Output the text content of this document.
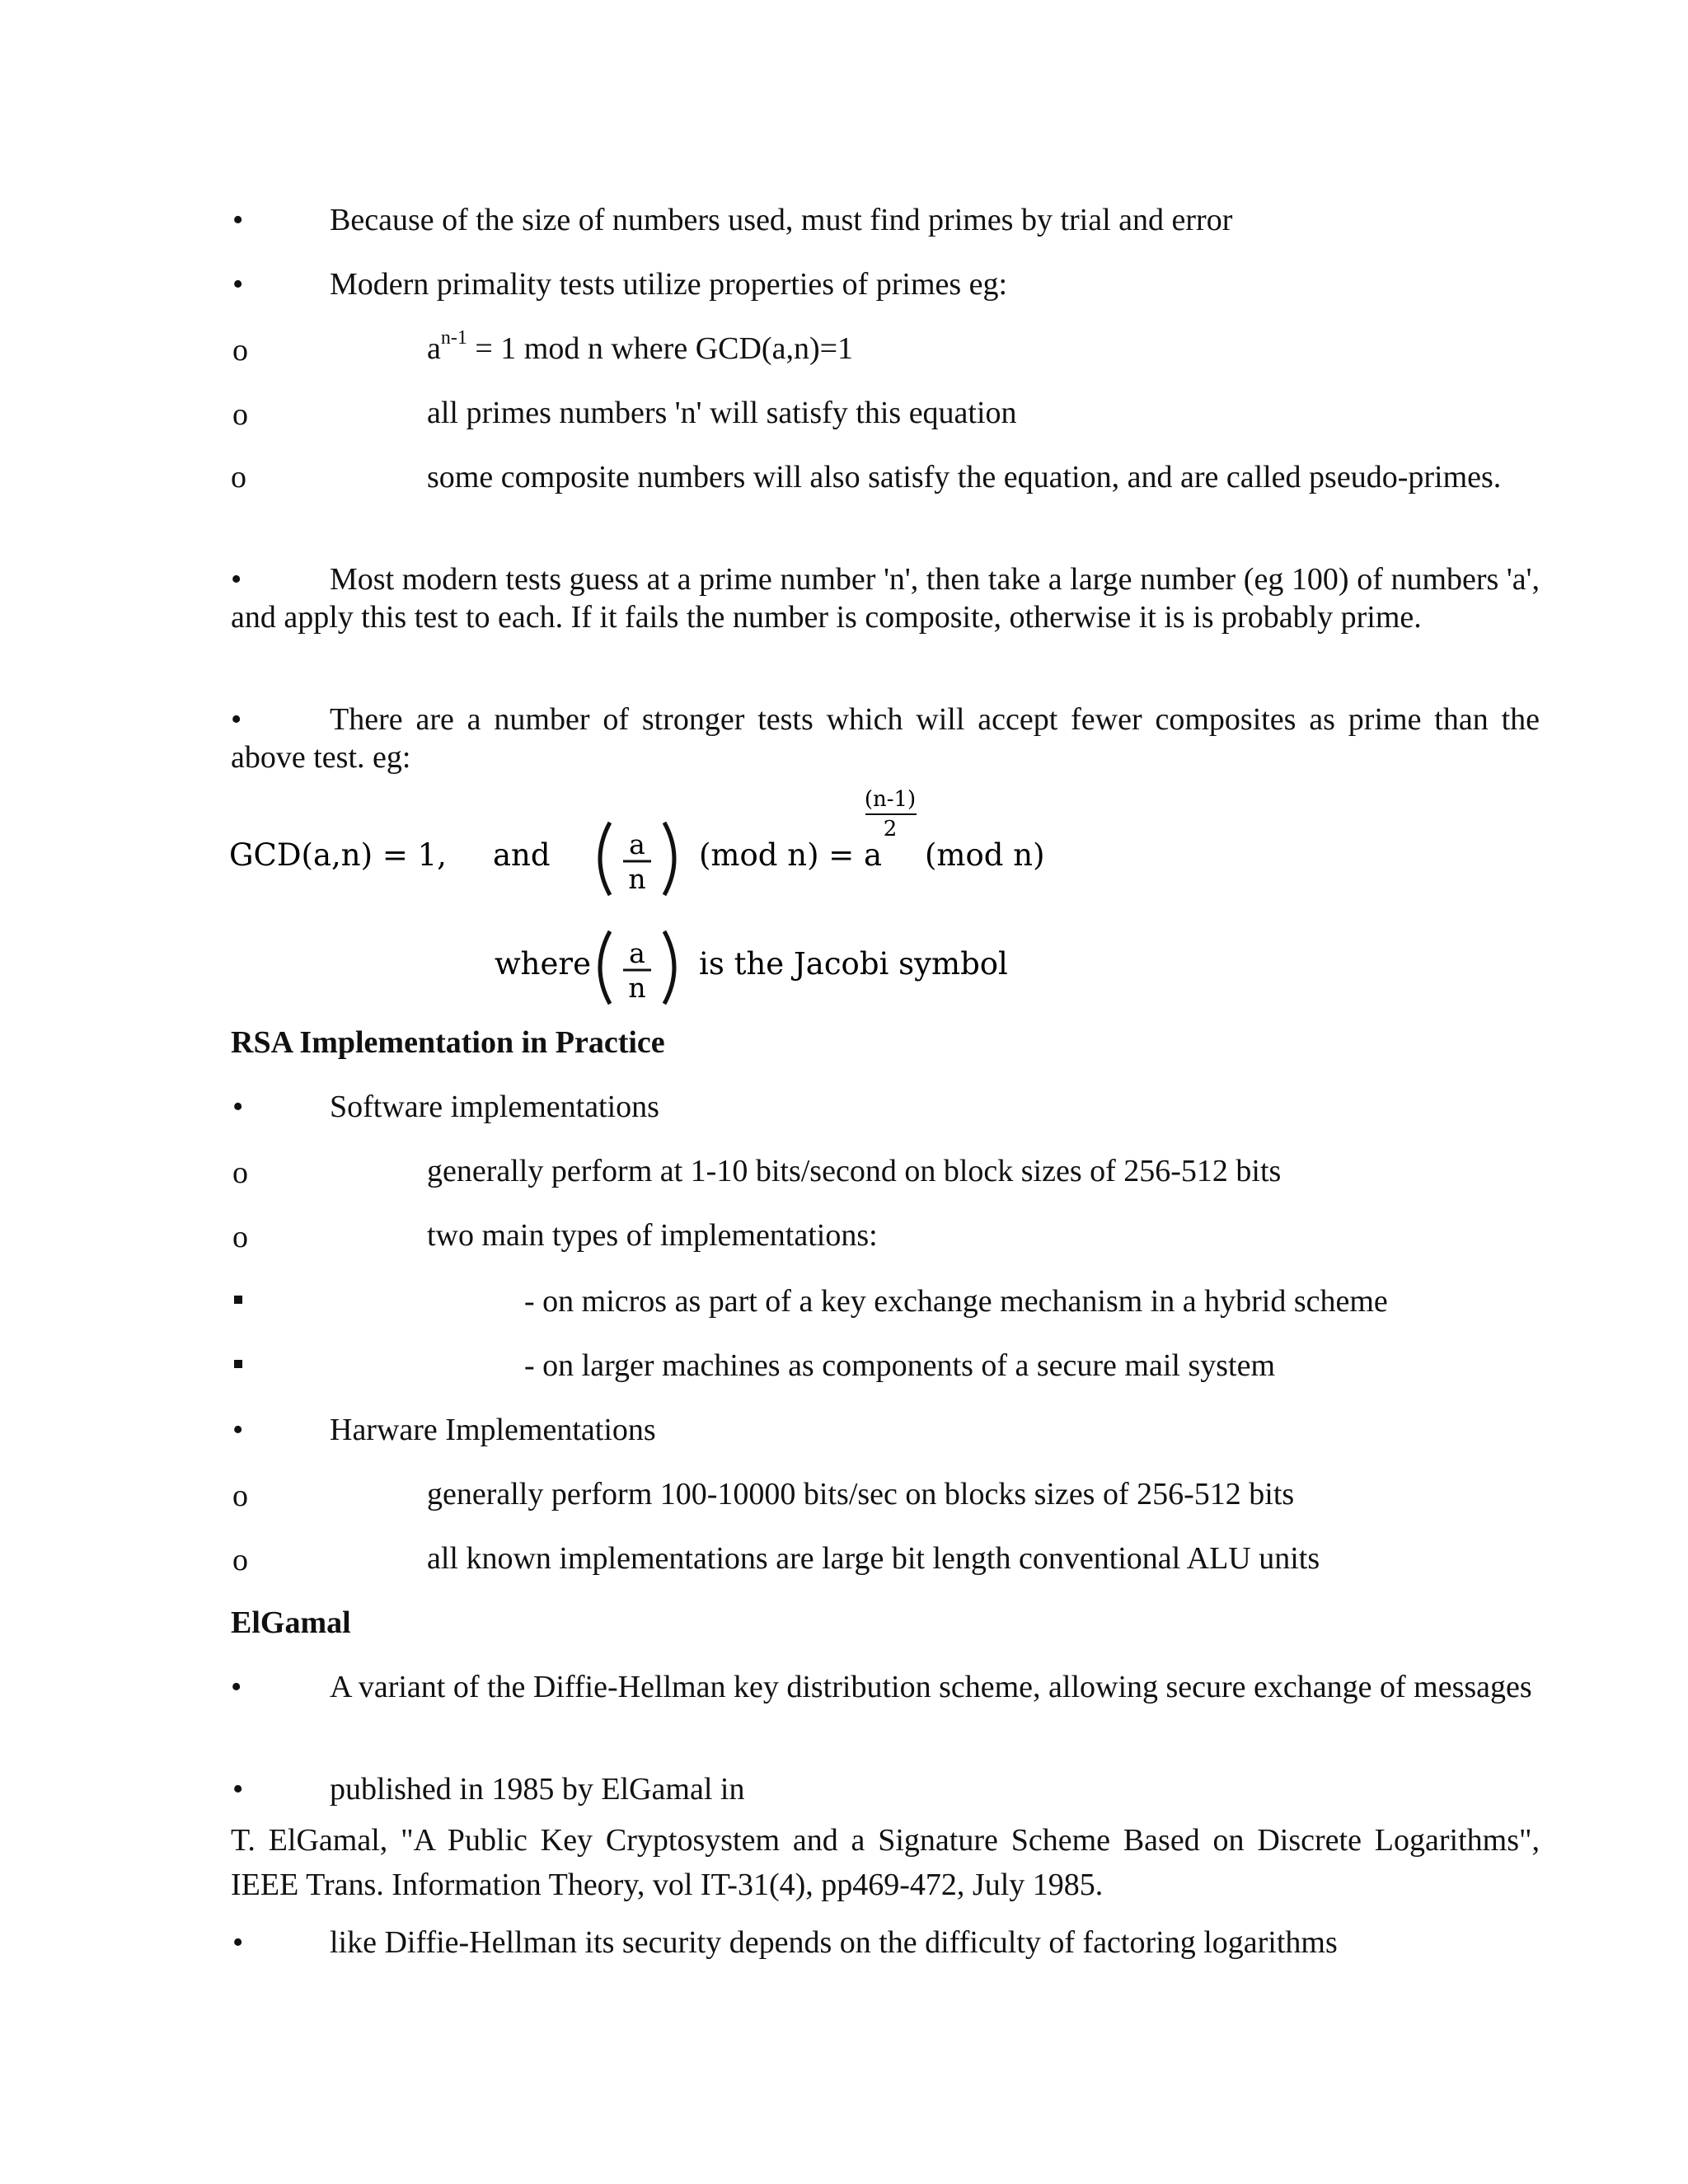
•	Because of the size of numbers used, must find primes by trial and error
•	Modern primality tests utilize properties of primes eg:
o	$a^{n-1} = 1$ mod n where GCD(a,n)=1
o	all primes numbers 'n' will satisfy this equation
o	some composite numbers will also satisfy the equation, and are called pseudo-primes.
•	Most modern tests guess at a prime number 'n', then take a large number (eg 100) of numbers 'a', and apply this test to each. If it fails the number is composite, otherwise it is is probably prime.
•	There are a number of stronger tests which will accept fewer composites as prime than the above test. eg:
GCD(a,n) = 1, and	a
n
(mod n) = a
(n-1)
2
(mod n)
where a
n
is the Jacobi symbol
RSA Implementation in Practice
•	Software implementations
o	generally perform at 1-10 bits/second on block sizes of 256-512 bits
o	two main types of implementations:
- on micros as part of a key exchange mechanism in a hybrid scheme
- on larger machines as components of a secure mail system
•	Harware Implementations
o	generally perform 100-10000 bits/sec on blocks sizes of 256-512 bits
o	all known implementations are large bit length conventional ALU units
ElGamal
•	A variant of the Diffie-Hellman key distribution scheme, allowing secure exchange of messages
•	published in 1985 by ElGamal in
T. ElGamal, "A Public Key Cryptosystem and a Signature Scheme Based on Discrete Logarithms", IEEE Trans. Information Theory, vol IT-31(4), pp469-472, July 1985.
•	like Diffie-Hellman its security depends on the difficulty of factoring logarithms
